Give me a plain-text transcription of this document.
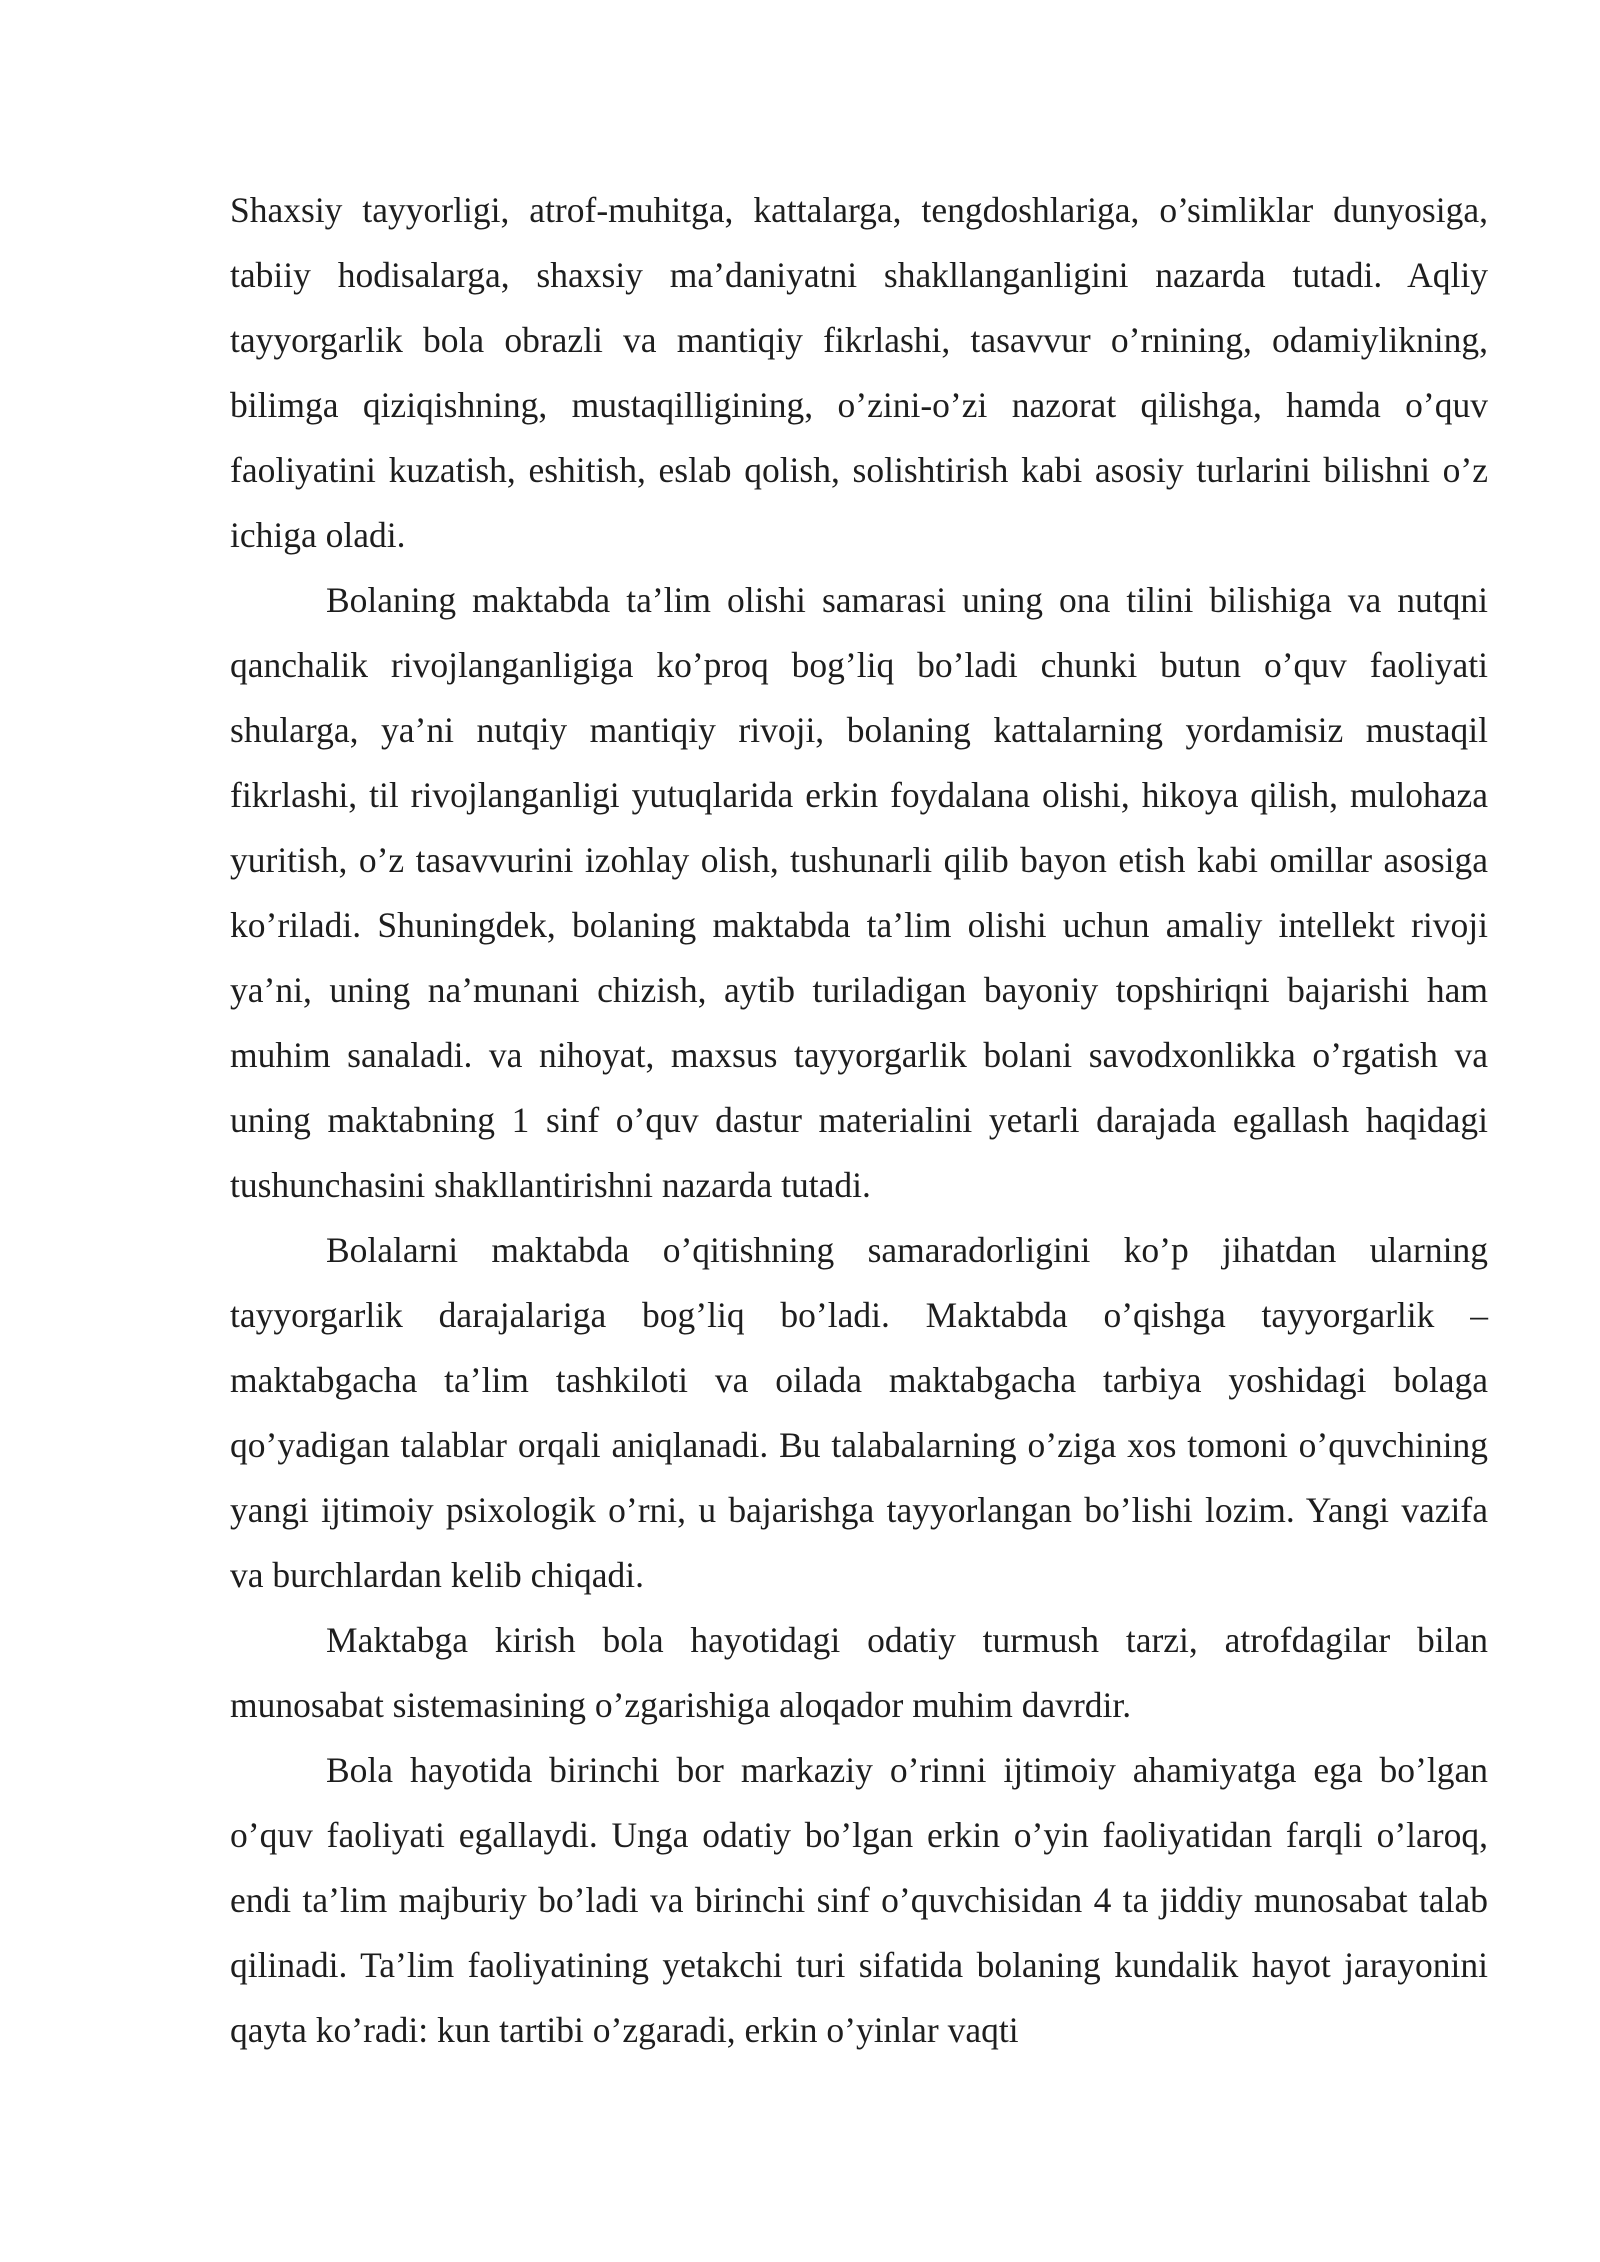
Shaxsiy tayyorligi, atrof-muhitga, kattalarga, tengdoshlariga, o’simliklar dunyosiga, tabiiy hodisalarga, shaxsiy ma’daniyatni shakllanganligini nazarda tutadi. Aqliy tayyorgarlik bola obrazli va mantiqiy fikrlashi, tasavvur o’rnining, odamiylikning, bilimga qiziqishning, mustaqilligining, o’zini-o’zi nazorat qilishga, hamda o’quv faoliyatini kuzatish, eshitish, eslab qolish, solishtirish kabi asosiy turlarini bilishni o’z ichiga oladi.

Bolaning maktabda ta’lim olishi samarasi uning ona tilini bilishiga va nutqni qanchalik rivojlanganligiga ko’proq bog’liq bo’ladi chunki butun o’quv faoliyati shularga, ya’ni nutqiy mantiqiy rivoji, bolaning kattalarning yordamisiz mustaqil fikrlashi, til rivojlanganligi yutuqlarida erkin foydalana olishi, hikoya qilish, mulohaza yuritish, o’z tasavvurini izohlay olish, tushunarli qilib bayon etish kabi omillar asosiga ko’riladi. Shuningdek, bolaning maktabda ta’lim olishi uchun amaliy intellekt rivoji ya’ni, uning na’munani chizish, aytib turiladigan bayoniy topshiriqni bajarishi ham muhim sanaladi. va nihoyat, maxsus tayyorgarlik bolani savodxonlikka o’rgatish va uning maktabning 1 sinf o’quv dastur materialini yetarli darajada egallash haqidagi tushunchasini shakllantirishni nazarda tutadi.

Bolalarni maktabda o’qitishning samaradorligini ko’p jihatdan ularning tayyorgarlik darajalariga bog’liq bo’ladi. Maktabda o’qishga tayyorgarlik – maktabgacha ta’lim tashkiloti va oilada maktabgacha tarbiya yoshidagi bolaga qo’yadigan talablar orqali aniqlanadi. Bu talabalarning o’ziga xos tomoni o’quvchining yangi ijtimoiy psixologik o’rni, u bajarishga tayyorlangan bo’lishi lozim. Yangi vazifa va burchlardan kelib chiqadi.

Maktabga kirish bola hayotidagi odatiy turmush tarzi, atrofdagilar bilan munosabat sistemasining o’zgarishiga aloqador muhim davrdir.

Bola hayotida birinchi bor markaziy o’rinni ijtimoiy ahamiyatga ega bo’lgan o’quv faoliyati egallaydi. Unga odatiy bo’lgan erkin o’yin faoliyatidan farqli o’laroq, endi ta’lim majburiy bo’ladi va birinchi sinf o’quvchisidan 4 ta jiddiy munosabat talab qilinadi. Ta’lim faoliyatining yetakchi turi sifatida bolaning kundalik hayot jarayonini qayta ko’radi: kun tartibi o’zgaradi, erkin o’yinlar vaqti
